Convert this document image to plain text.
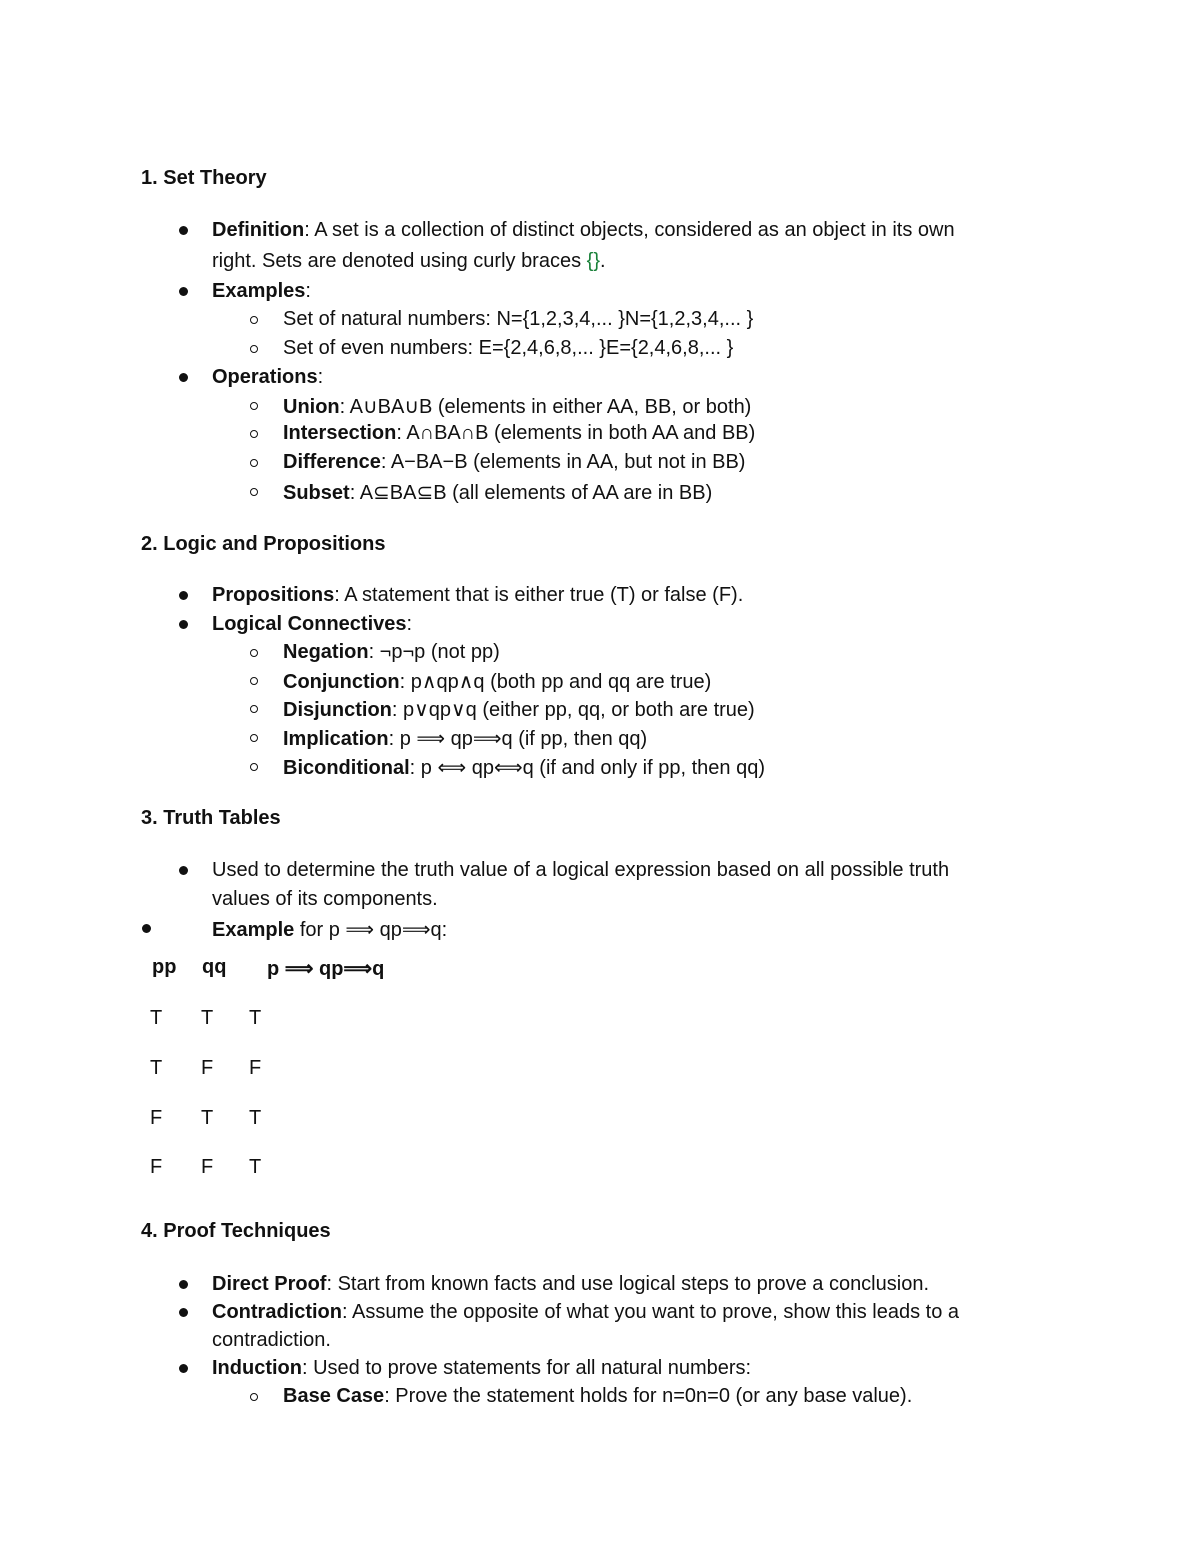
1. Set Theory
Definition: A set is a collection of distinct objects, considered as an object in its own
right. Sets are denoted using curly braces {}.
Examples:
Set of natural numbers: N={1,2,3,4,... }N={1,2,3,4,... }
Set of even numbers: E={2,4,6,8,... }E={2,4,6,8,... }
Operations:
Union: A∪BA∪B (elements in either AA, BB, or both)
Intersection: A∩BA∩B (elements in both AA and BB)
Difference: A−BA−B (elements in AA, but not in BB)
Subset: A⊆BA⊆B (all elements of AA are in BB)
2. Logic and Propositions
Propositions: A statement that is either true (T) or false (F).
Logical Connectives:
Negation: ¬p¬p (not pp)
Conjunction: p∧qp∧q (both pp and qq are true)
Disjunction: p∨qp∨q (either pp, qq, or both are true)
Implication: p ⟹ qp⟹q (if pp, then qq)
Biconditional: p ⟺ qp⟺q (if and only if pp, then qq)
3. Truth Tables
Used to determine the truth value of a logical expression based on all possible truth
values of its components.
Example for p ⟹ qp⟹q:
pp qq p ⟹ qp⟹q
T T T
T F F
F T T
F F T
4. Proof Techniques
Direct Proof: Start from known facts and use logical steps to prove a conclusion.
Contradiction: Assume the opposite of what you want to prove, show this leads to a
contradiction.
Induction: Used to prove statements for all natural numbers:
Base Case: Prove the statement holds for n=0n=0 (or any base value).
